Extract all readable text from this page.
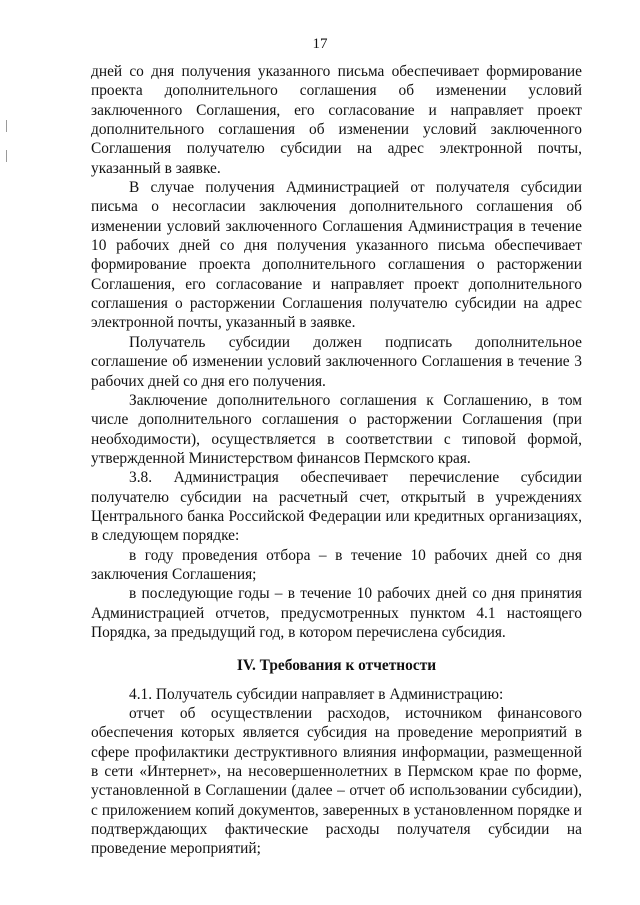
17

дней со дня получения указанного письма обеспечивает формирование проекта дополнительного соглашения об изменении условий заключенного Соглашения, его согласование и направляет проект дополнительного соглашения об изменении условий заключенного Соглашения получателю субсидии на адрес электронной почты, указанный в заявке.

В случае получения Администрацией от получателя субсидии письма о несогласии заключения дополнительного соглашения об изменении условий заключенного Соглашения Администрация в течение 10 рабочих дней со дня получения указанного письма обеспечивает формирование проекта дополнительного соглашения о расторжении Соглашения, его согласование и направляет проект дополнительного соглашения о расторжении Соглашения получателю субсидии на адрес электронной почты, указанный в заявке.

Получатель субсидии должен подписать дополнительное соглашение об изменении условий заключенного Соглашения в течение 3 рабочих дней со дня его получения.

Заключение дополнительного соглашения к Соглашению, в том числе дополнительного соглашения о расторжении Соглашения (при необходимости), осуществляется в соответствии с типовой формой, утвержденной Министерством финансов Пермского края.

3.8. Администрация обеспечивает перечисление субсидии получателю субсидии на расчетный счет, открытый в учреждениях Центрального банка Российской Федерации или кредитных организациях, в следующем порядке:

в году проведения отбора – в течение 10 рабочих дней со дня заключения Соглашения;

в последующие годы – в течение 10 рабочих дней со дня принятия Администрацией отчетов, предусмотренных пунктом 4.1 настоящего Порядка, за предыдущий год, в котором перечислена субсидия.

IV. Требования к отчетности

4.1. Получатель субсидии направляет в Администрацию:

отчет об осуществлении расходов, источником финансового обеспечения которых является субсидия на проведение мероприятий в сфере профилактики деструктивного влияния информации, размещенной в сети «Интернет», на несовершеннолетних в Пермском крае по форме, установленной в Соглашении (далее – отчет об использовании субсидии), с приложением копий документов, заверенных в установленном порядке и подтверждающих фактические расходы получателя субсидии на проведение мероприятий;
